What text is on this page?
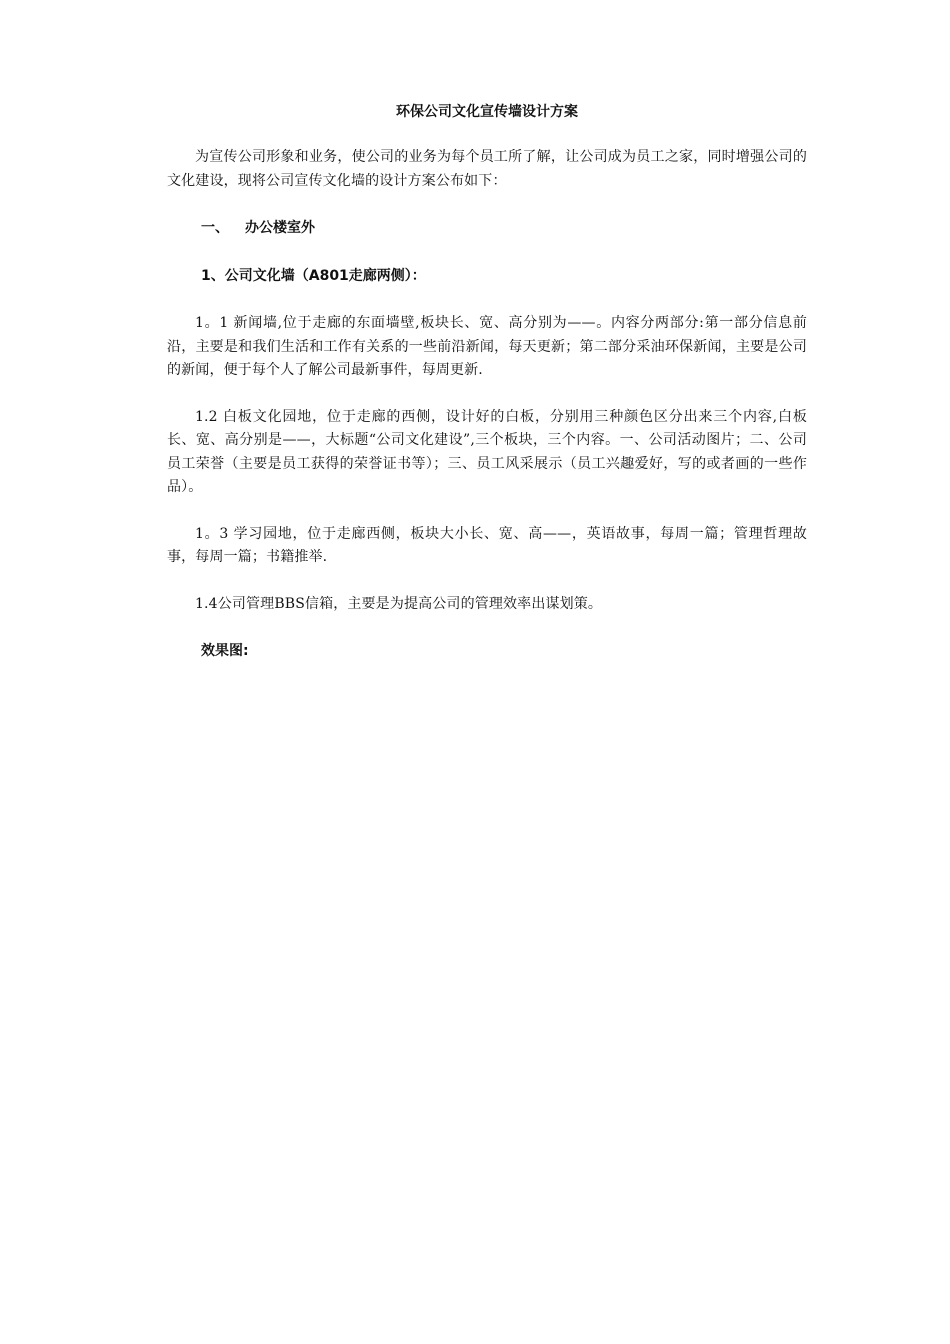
环保公司文化宣传墙设计方案

为宣传公司形象和业务，使公司的业务为每个员工所了解，让公司成为员工之家，同时增强公司的文化建设，现将公司宣传文化墙的设计方案公布如下：

一、 办公楼室外
1、公司文化墙（A801走廊两侧）：

1。1 新闻墙,位于走廊的东面墙壁,板块长、宽、高分别为——。内容分两部分:第一部分信息前沿，主要是和我们生活和工作有关系的一些前沿新闻，每天更新；第二部分采油环保新闻，主要是公司的新闻，便于每个人了解公司最新事件，每周更新.

1.2 白板文化园地，位于走廊的西侧，设计好的白板，分别用三种颜色区分出来三个内容,白板长、宽、高分别是——，大标题“公司文化建设”,三个板块，三个内容。一、公司活动图片；二、公司员工荣誉（主要是员工获得的荣誉证书等）；三、员工风采展示（员工兴趣爱好，写的或者画的一些作品）。

1。3 学习园地，位于走廊西侧，板块大小长、宽、高——，英语故事，每周一篇；管理哲理故事，每周一篇；书籍推举.

1.4公司管理BBS信箱，主要是为提高公司的管理效率出谋划策。

效果图:
